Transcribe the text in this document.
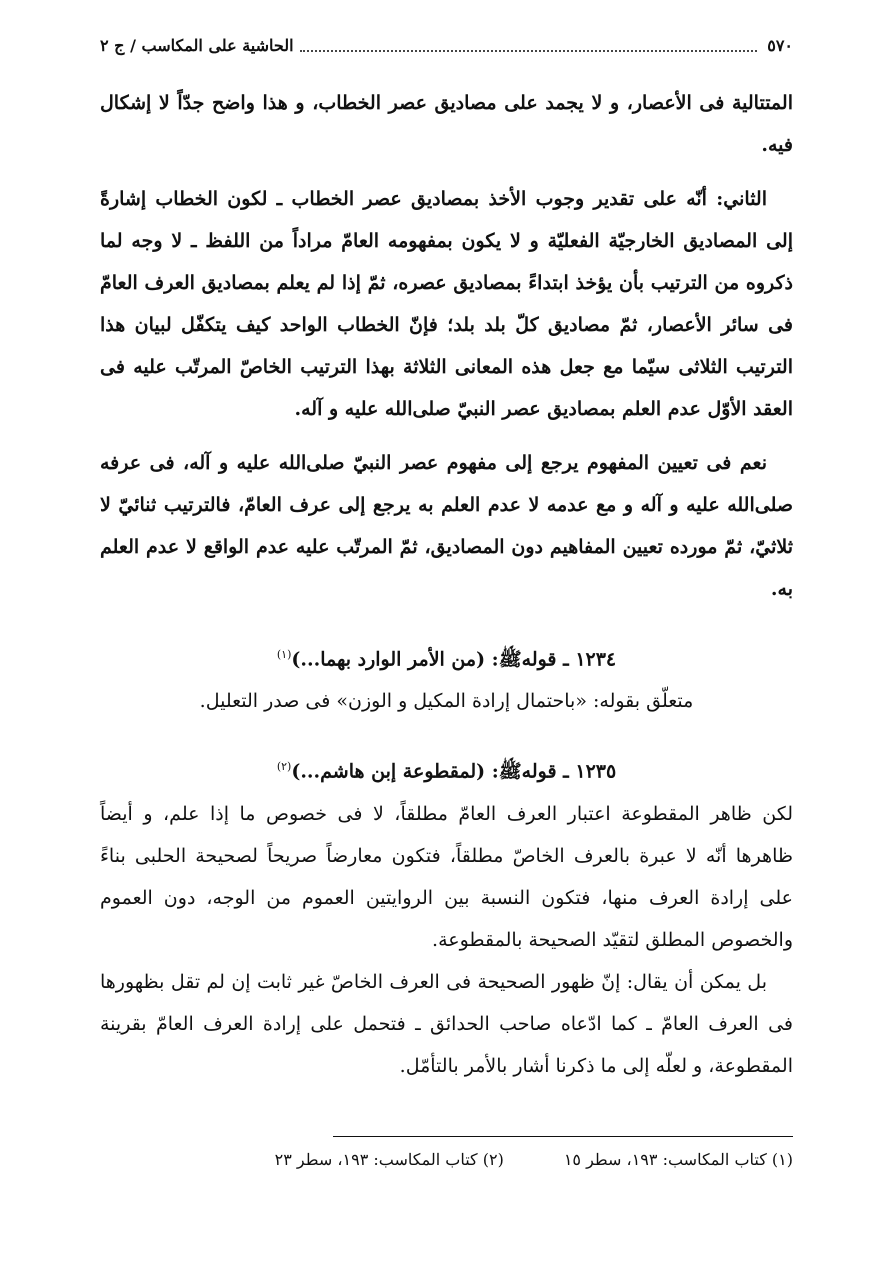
٥٧٠
الحاشية على المكاسب / ج ٢

المتتالية فى الأعصار، و لا يجمد على مصاديق عصر الخطاب، و هذا واضح جدّاً لا إشكال فيه.

الثاني: أنّه على تقدير وجوب الأخذ بمصاديق عصر الخطاب ـ لكون الخطاب إشارةً إلى المصاديق الخارجيّة الفعليّة و لا يكون بمفهومه العامّ مراداً من اللفظ ـ لا وجه لما ذكروه من الترتيب بأن يؤخذ ابتداءً بمصاديق عصره، ثمّ إذا لم يعلم بمصاديق العرف العامّ فى سائر الأعصار، ثمّ مصاديق كلّ بلد بلد؛ فإنّ الخطاب الواحد كيف يتكفّل لبيان هذا الترتيب الثلاثى سيّما مع جعل هذه المعانى الثلاثة بهذا الترتيب الخاصّ المرتّب عليه فى العقد الأوّل عدم العلم بمصاديق عصر النبيّ صلى‌الله عليه و آله.

نعم فى تعيين المفهوم يرجع إلى مفهوم عصر النبيّ صلى‌الله عليه و آله، فى عرفه صلى‌الله عليه و آله و مع عدمه لا عدم العلم به يرجع إلى عرف العامّ، فالترتيب ثنائيّ لا ثلاثيّ، ثمّ مورده تعيين المفاهيم دون المصاديق، ثمّ المرتّب عليه عدم الواقع لا عدم العلم به.

١٢٣٤ ـ قوله‌ﷺ: (من الأمر الوارد بهما...)$^{(١)}$

متعلّق بقوله: «باحتمال إرادة المكيل و الوزن» فى صدر التعليل.

١٢٣٥ ـ قوله‌ﷺ: (لمقطوعة إبن هاشم...)$^{(٢)}$

لكن ظاهر المقطوعة اعتبار العرف العامّ مطلقاً، لا فى خصوص ما إذا علم، و أيضاً ظاهرها أنّه لا عبرة بالعرف الخاصّ مطلقاً، فتكون معارضاً صريحاً لصحيحة الحلبى بناءً على إرادة العرف منها، فتكون النسبة بين الروايتين العموم من الوجه، دون العموم والخصوص المطلق لتقيّد الصحيحة بالمقطوعة.

بل يمكن أن يقال: إنّ ظهور الصحيحة فى العرف الخاصّ غير ثابت إن لم تقل بظهورها فى العرف العامّ ـ كما ادّعاه صاحب الحدائق ـ فتحمل على إرادة العرف العامّ بقرينة المقطوعة، و لعلّه إلى ما ذكرنا أشار بالأمر بالتأمّل.

(١) كتاب المكاسب: ١٩٣، سطر ١٥
(٢) كتاب المكاسب: ١٩٣، سطر ٢٣
